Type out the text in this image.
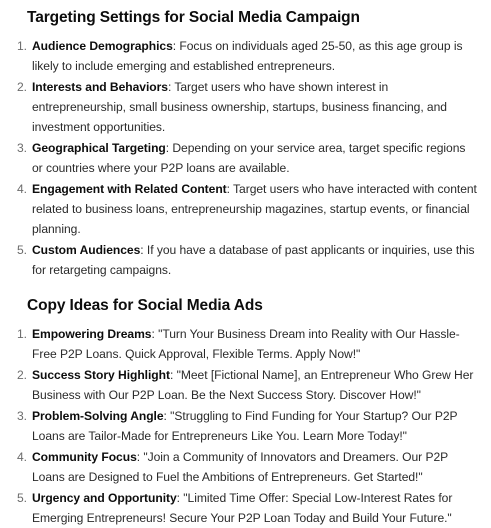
Targeting Settings for Social Media Campaign
1. Audience Demographics: Focus on individuals aged 25-50, as this age group is likely to include emerging and established entrepreneurs.
2. Interests and Behaviors: Target users who have shown interest in entrepreneurship, small business ownership, startups, business financing, and investment opportunities.
3. Geographical Targeting: Depending on your service area, target specific regions or countries where your P2P loans are available.
4. Engagement with Related Content: Target users who have interacted with content related to business loans, entrepreneurship magazines, startup events, or financial planning.
5. Custom Audiences: If you have a database of past applicants or inquiries, use this for retargeting campaigns.
Copy Ideas for Social Media Ads
1. Empowering Dreams: "Turn Your Business Dream into Reality with Our Hassle-Free P2P Loans. Quick Approval, Flexible Terms. Apply Now!"
2. Success Story Highlight: "Meet [Fictional Name], an Entrepreneur Who Grew Her Business with Our P2P Loan. Be the Next Success Story. Discover How!"
3. Problem-Solving Angle: "Struggling to Find Funding for Your Startup? Our P2P Loans are Tailor-Made for Entrepreneurs Like You. Learn More Today!"
4. Community Focus: "Join a Community of Innovators and Dreamers. Our P2P Loans are Designed to Fuel the Ambitions of Entrepreneurs. Get Started!"
5. Urgency and Opportunity: "Limited Time Offer: Special Low-Interest Rates for Emerging Entrepreneurs! Secure Your P2P Loan Today and Build Your Future."
